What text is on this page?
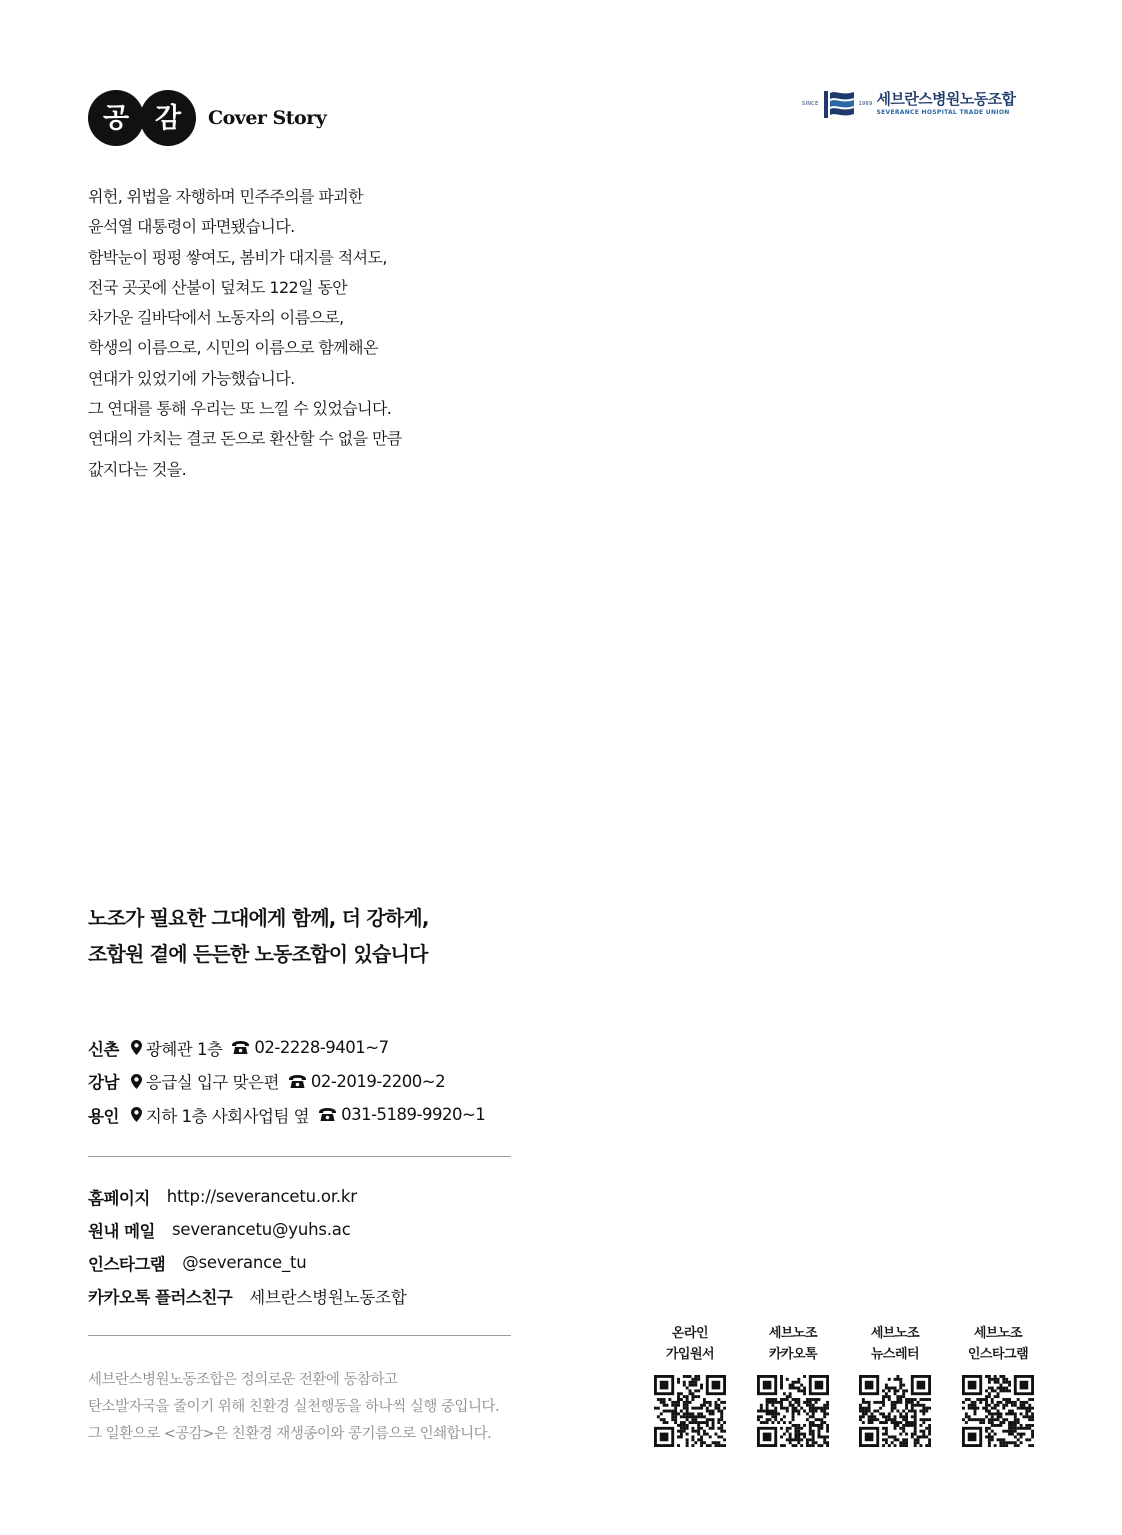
공 감	Cover Story
SINCE	1969 세브란스병원노동조합
SEVERANCE HOSPITAL TRADE UNION
위헌, 위법을 자행하며 민주주의를 파괴한
윤석열 대통령이 파면됐습니다.
함박눈이 펑펑 쌓여도, 봄비가 대지를 적셔도,
전국 곳곳에 산불이 덮쳐도 122일 동안
차가운 길바닥에서 노동자의 이름으로,
학생의 이름으로, 시민의 이름으로 함께해온
연대가 있었기에 가능했습니다.
그 연대를 통해 우리는 또 느낄 수 있었습니다.
연대의 가치는 결코 돈으로 환산할 수 없을 만큼
값지다는 것을.
노조가 필요한 그대에게 함께, 더 강하게,
조합원 곁에 든든한 노동조합이 있습니다
신촌 광혜관 1층 02-2228-9401~7
강남 응급실 입구 맞은편 02-2019-2200~2
용인 지하 1층 사회사업팀 옆 031-5189-9920~1
홈페이지 http://severancetu.or.kr
원내 메일 severancetu@yuhs.ac
인스타그램 @severance_tu
카카오톡 플러스친구 세브란스병원노동조합
세브란스병원노동조합은 정의로운 전환에 동참하고
탄소발자국을 줄이기 위해 친환경 실천행동을 하나씩 실행 중입니다.
그 일환으로 <공감>은 친환경 재생종이와 콩기름으로 인쇄합니다.
온라인
가입원서
세브노조
카카오톡
세브노조
뉴스레터
세브노조
인스타그램
